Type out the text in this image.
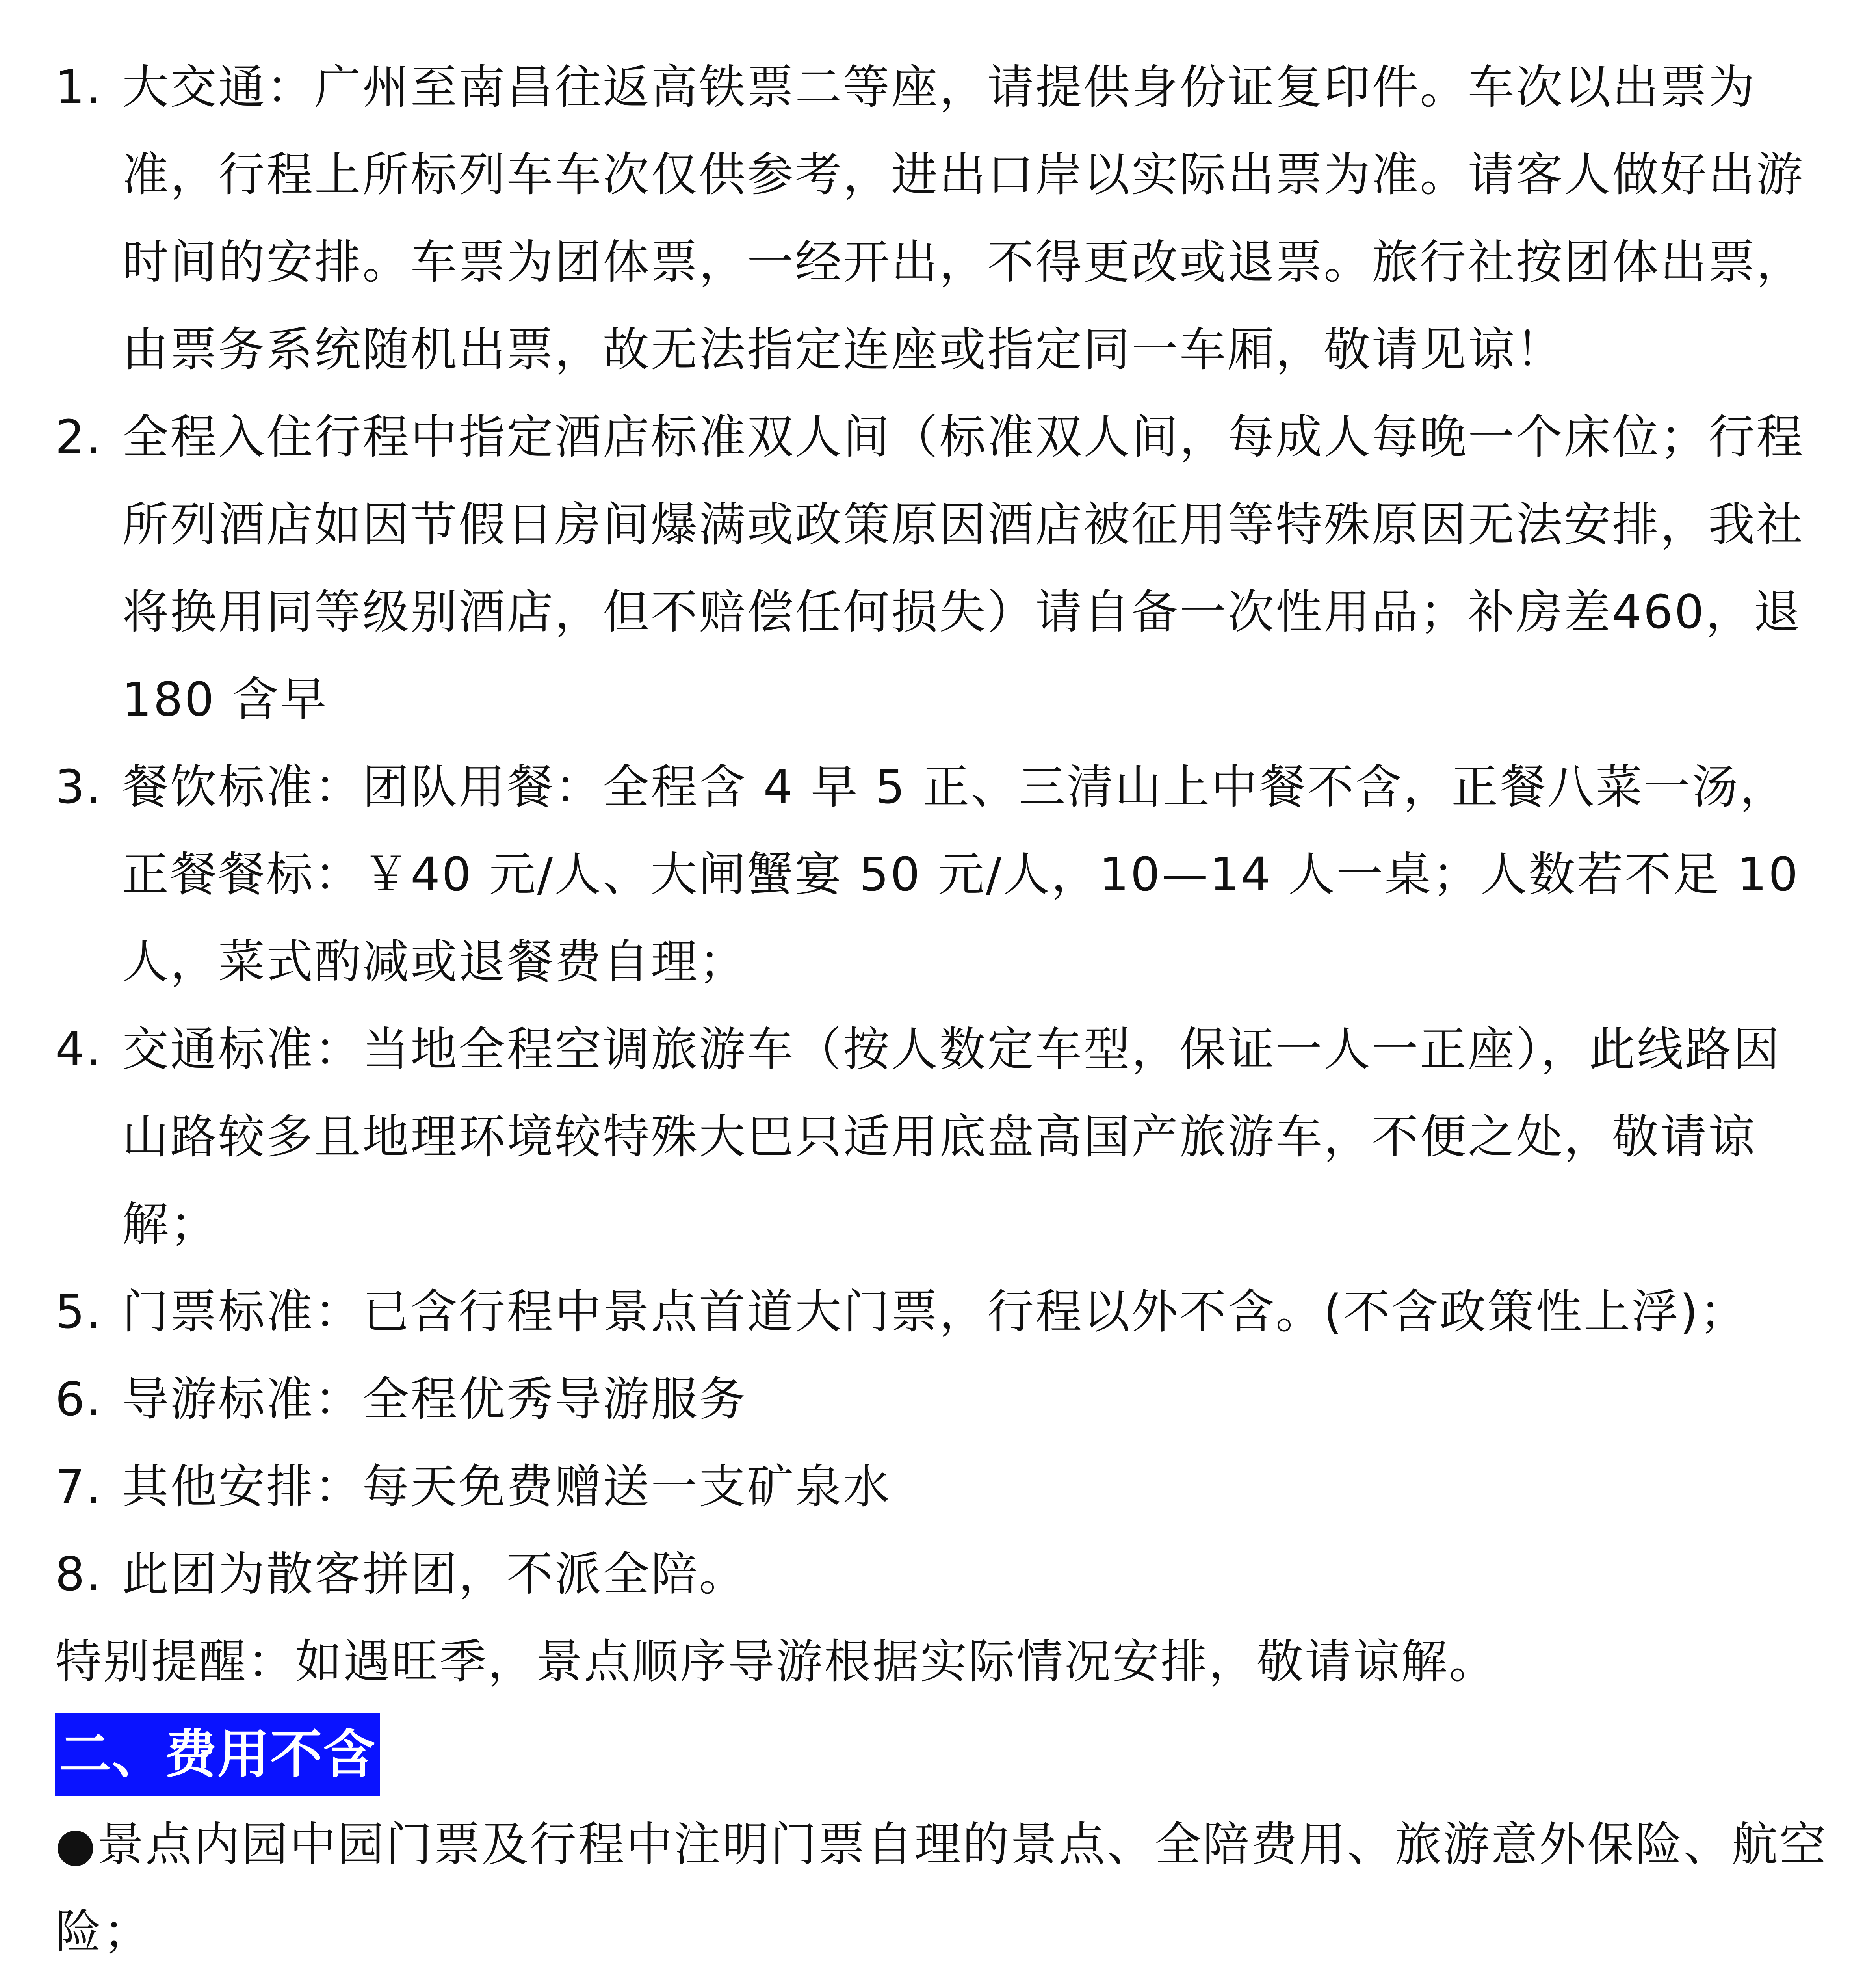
1. 大交通：广州至南昌往返高铁票二等座，请提供身份证复印件。车次以出票为准，行程上所标列车车次仅供参考，进出口岸以实际出票为准。请客人做好出游时间的安排。车票为团体票，一经开出，不得更改或退票。旅行社按团体出票，由票务系统随机出票，故无法指定连座或指定同一车厢，敬请见谅！
2. 全程入住行程中指定酒店标准双人间（标准双人间，每成人每晚一个床位；行程所列酒店如因节假日房间爆满或政策原因酒店被征用等特殊原因无法安排，我社将换用同等级别酒店，但不赔偿任何损失）请自备一次性用品；补房差460，退 180 含早
3. 餐饮标准：团队用餐：全程含 4 早 5 正、三清山上中餐不含，正餐八菜一汤，正餐餐标：￥40 元/人、大闸蟹宴 50 元/人，10—14 人一桌；人数若不足 10人，菜式酌减或退餐费自理；
4. 交通标准：当地全程空调旅游车（按人数定车型，保证一人一正座），此线路因山路较多且地理环境较特殊大巴只适用底盘高国产旅游车，不便之处，敬请谅解；
5. 门票标准：已含行程中景点首道大门票，行程以外不含。(不含政策性上浮)；
6. 导游标准：全程优秀导游服务
7. 其他安排：每天免费赠送一支矿泉水
8. 此团为散客拼团，不派全陪。

特别提醒：如遇旺季，景点顺序导游根据实际情况安排，敬请谅解。

二、费用不含

●景点内园中园门票及行程中注明门票自理的景点、全陪费用、旅游意外保险、航空险；
